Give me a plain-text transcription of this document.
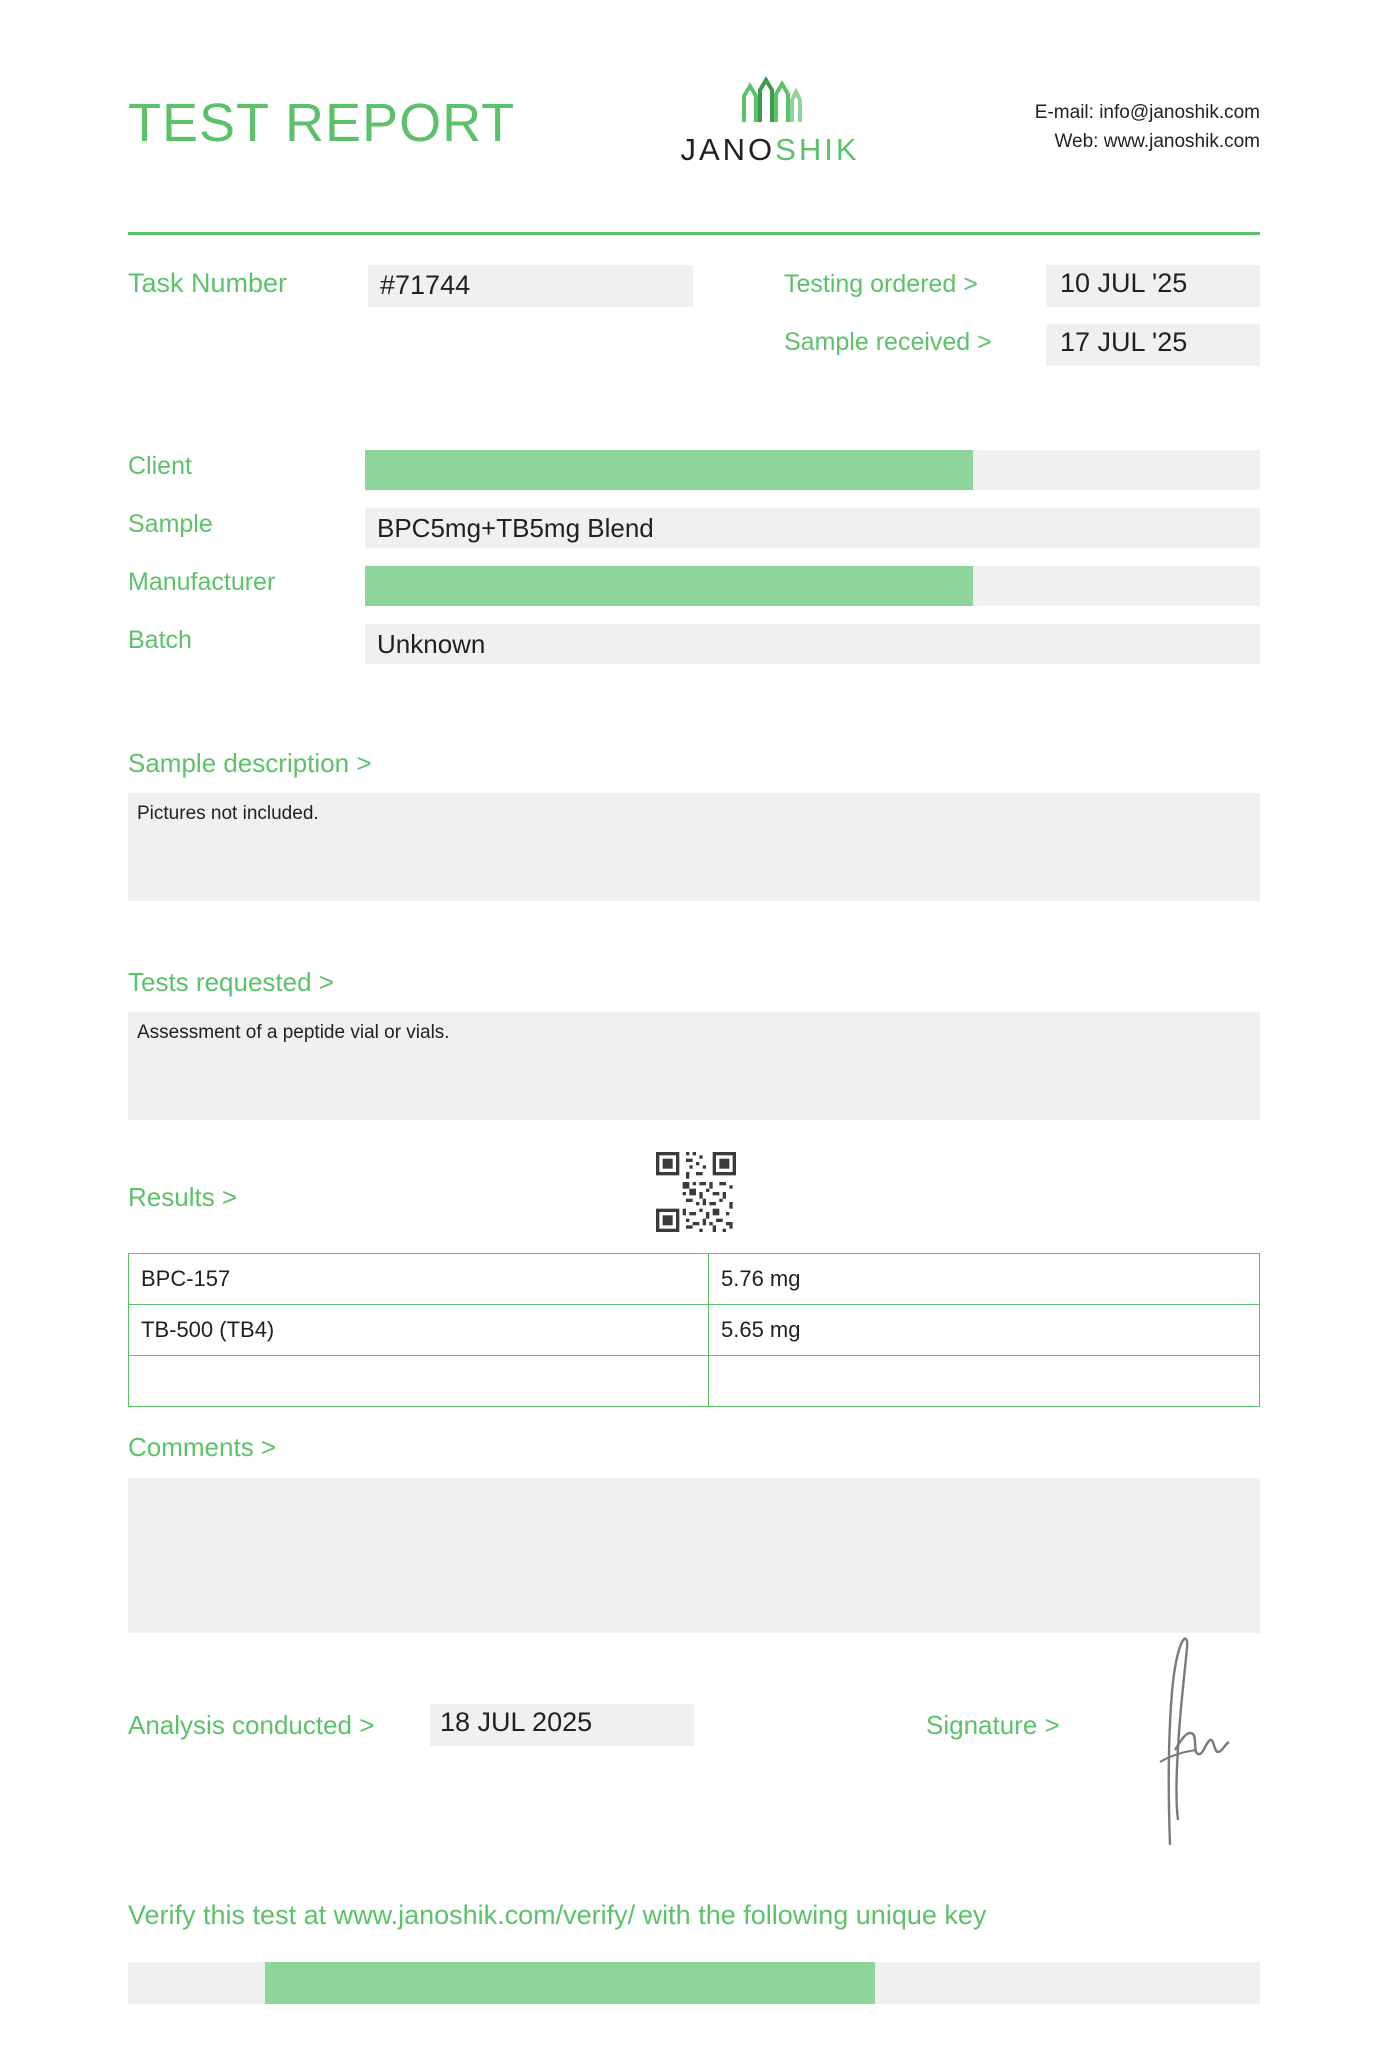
TEST REPORT	JANOSHIK
E-mail: info@janoshik.com
Web: www.janoshik.com
Task Number	#71744	Testing ordered >	10 JUL '25
Sample received >	17 JUL '25
Client
Sample	BPC5mg+TB5mg Blend
Manufacturer
Batch	Unknown
Sample description >
Pictures not included.
Tests requested >
Assessment of a peptide vial or vials.
Results >
BPC-157	5.76 mg
TB-500 (TB4)	5.65 mg

Comments >
Analysis conducted > 18 JUL 2025	Signature >
Verify this test at www.janoshik.com/verify/ with the following unique key
